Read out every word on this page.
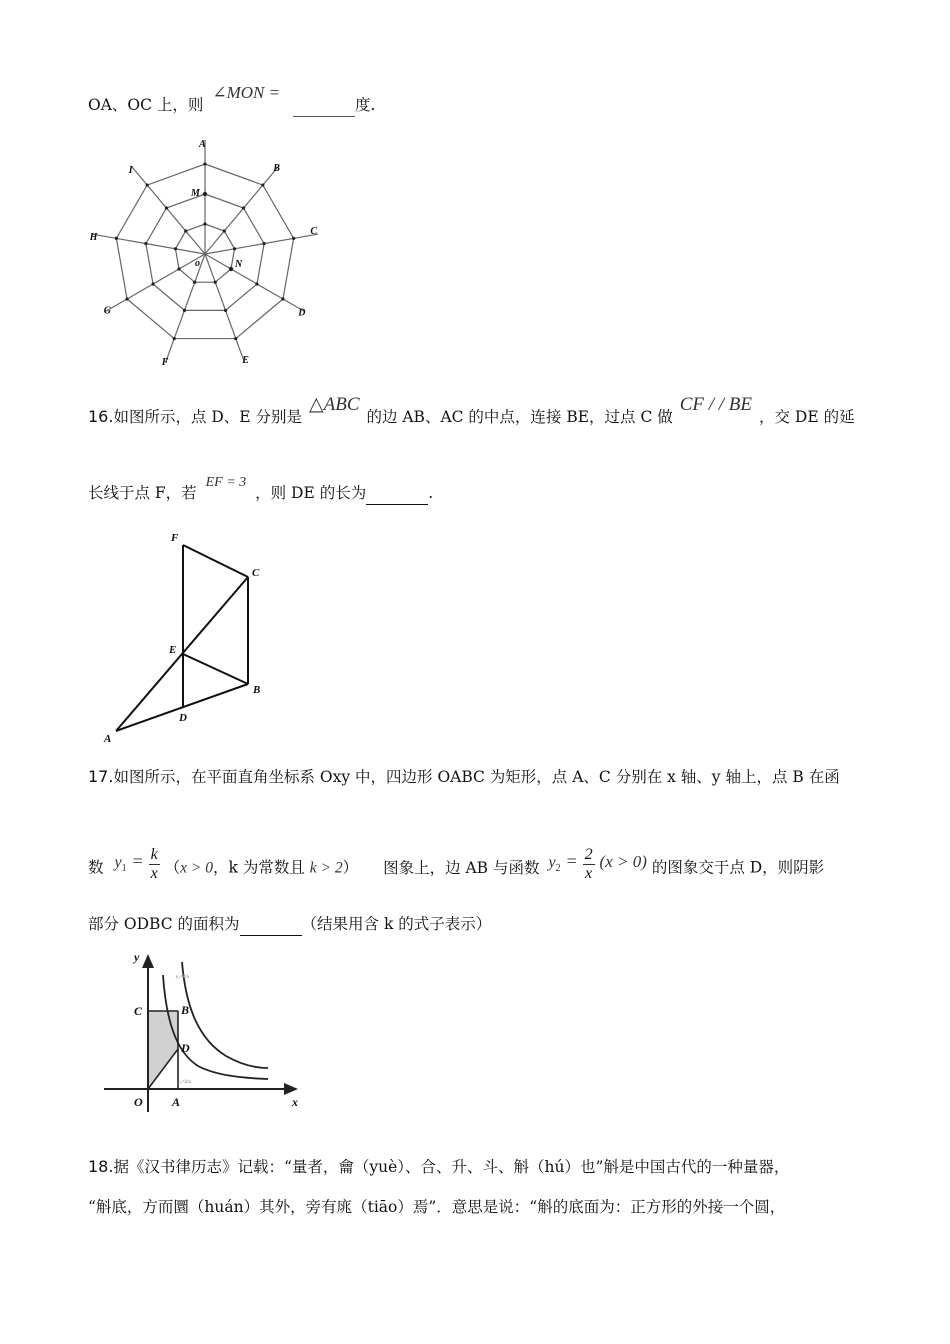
OA、OC 上，则 ∠MON = ________度.
A
B
C
D
E
F
G
H
I
M
N
o
16.如图所示，点 D、E 分别是 △ABC 的边 AB、AC 的中点，连接 BE，过点 C 做 CF / / BE ，交 DE 的延
长线于点 F，若 EF = 3 ，则 DE 的长为________.
F
C
E
B
D
A
17.如图所示，在平面直角坐标系 Oxy 中，四边形 OABC 为矩形，点 A、C 分别在 x 轴、y 轴上，点 B 在函
数 $y_1 = \frac{k}{x} (x > 0$，k 为常数且 k > 2） 图象上，边 AB 与函数 $y_2 = \frac{2}{x} (x > 0)$ 的图象交于点 D，则阴影
部分 ODBC 的面积为________（结果用含 k 的式子表示）
y
C	B
D
O A	x
y₁=k/x
y₂=2/x
18.据《汉书律历志》记载：“量者，龠（yuè）、合、升、斗、斛（hú）也”斛是中国古代的一种量器，
“斛底，方而圜（huán）其外，旁有庣（tiāo）焉”．意思是说：“斛的底面为：正方形的外接一个圆，
